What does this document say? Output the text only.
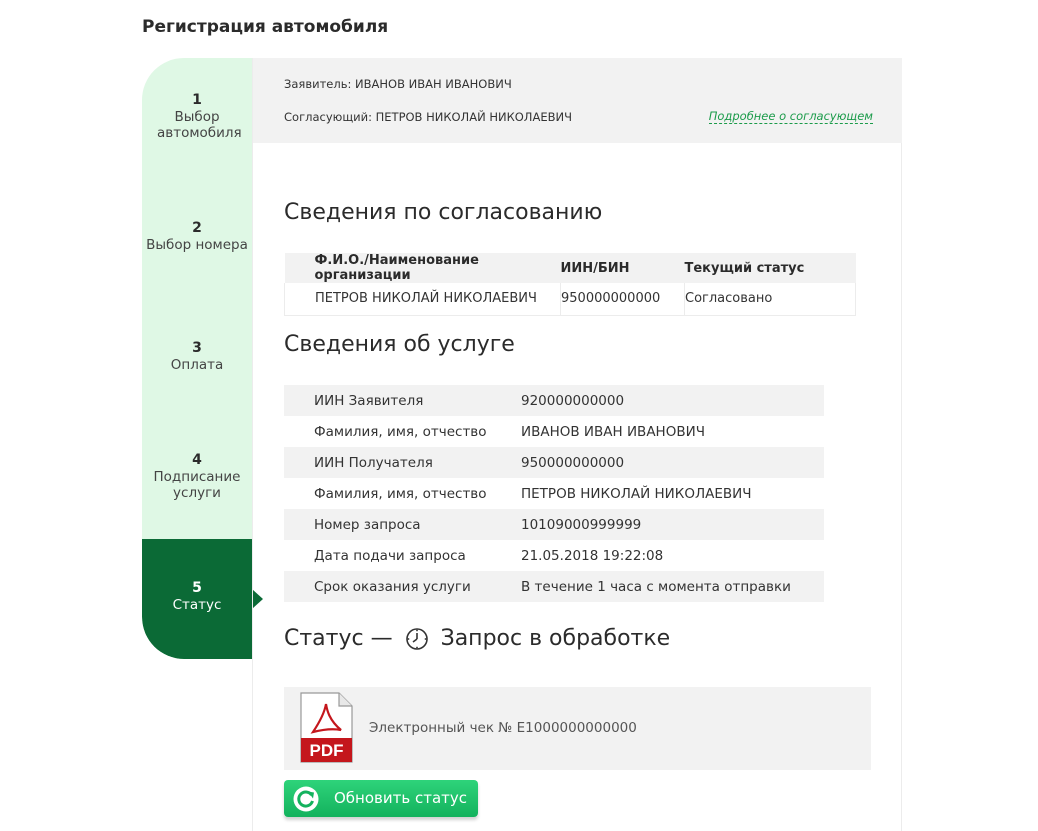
Регистрация автомобиля
1
Выбор автомобиля
2
Выбор номера
3
Оплата
4
Подписание услуги
5
Статус
Заявитель: ИВАНОВ ИВАН ИВАНОВИЧ
Согласующий: ПЕТРОВ НИКОЛАЙ НИКОЛАЕВИЧ	Подробнее о согласующем
Сведения по согласованию
Ф.И.О./Наименование организации	ИИН/БИН	Текущий статус
ПЕТРОВ НИКОЛАЙ НИКОЛАЕВИЧ	950000000000	Согласовано
Сведения об услуге
ИИН Заявителя	920000000000
Фамилия, имя, отчество	ИВАНОВ ИВАН ИВАНОВИЧ
ИИН Получателя	950000000000
Фамилия, имя, отчество	ПЕТРОВ НИКОЛАЙ НИКОЛАЕВИЧ
Номер запроса	10109000999999
Дата подачи запроса	21.05.2018 19:22:08
Срок оказания услуги	В течение 1 часа с момента отправки
Статус — Запрос в обработке
PDF
Электронный чек № E1000000000000
Обновить статус
